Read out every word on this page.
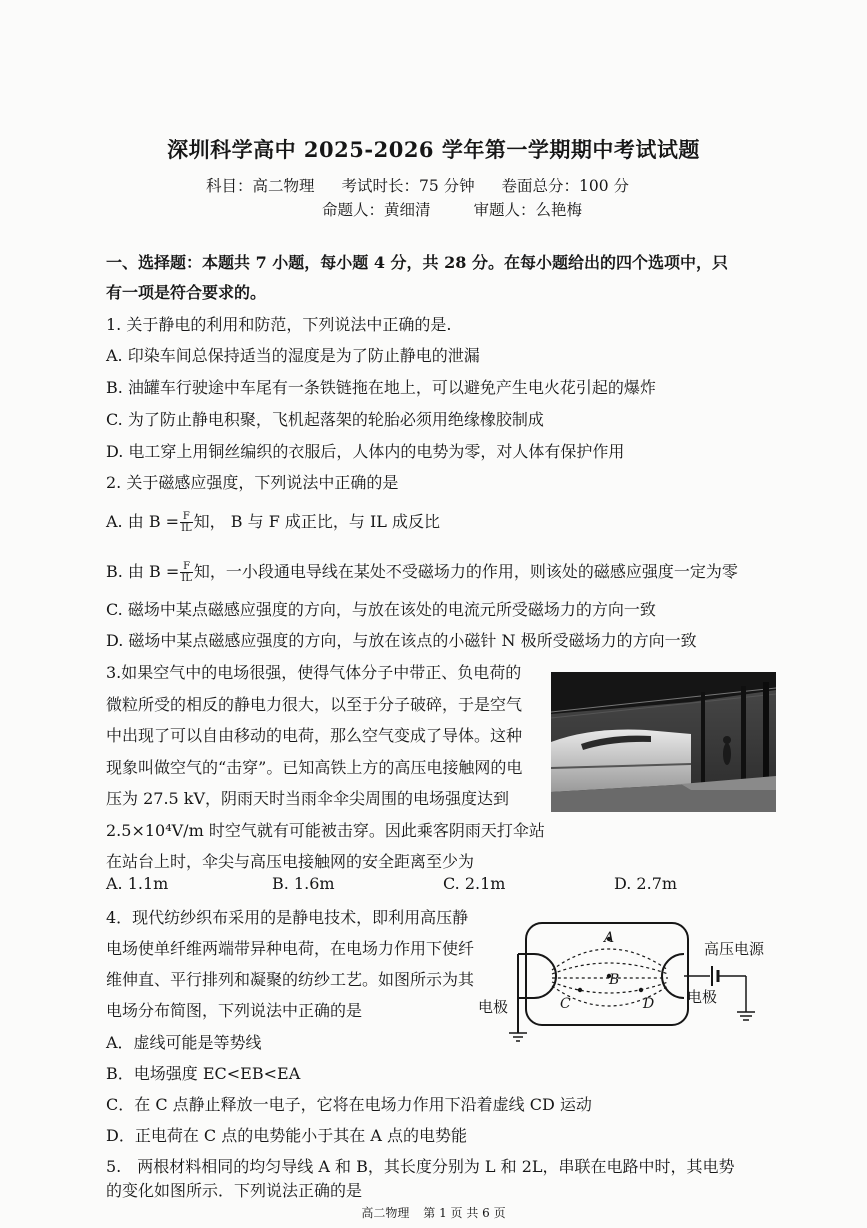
深圳科学高中 2025-2026 学年第一学期期中考试试题
科目：高二物理 考试时长：75 分钟 卷面总分：100 分
命题人：黄细清	审题人：么艳梅
一、选择题：本题共 7 小题，每小题 4 分，共 28 分。在每小题给出的四个选项中，只
有一项是符合要求的。
1. 关于静电的利用和防范，下列说法中正确的是.
A. 印染车间总保持适当的湿度是为了防止静电的泄漏
B. 油罐车行驶途中车尾有一条铁链拖在地上，可以避免产生电火花引起的爆炸
C. 为了防止静电积聚，飞机起落架的轮胎必须用绝缘橡胶制成
D. 电工穿上用铜丝编织的衣服后，人体内的电势为零，对人体有保护作用
2. 关于磁感应强度，下列说法中正确的是
A. 由 $B = \frac{F}{IL}$ 知， B 与 F 成正比，与 IL 成反比
B. 由 $B = \frac{F}{IL}$ 知，一小段通电导线在某处不受磁场力的作用，则该处的磁感应强度一定为零
C. 磁场中某点磁感应强度的方向，与放在该处的电流元所受磁场力的方向一致
D. 磁场中某点磁感应强度的方向，与放在该点的小磁针 N 极所受磁场力的方向一致
3.如果空气中的电场很强，使得气体分子中带正、负电荷的
微粒所受的相反的静电力很大，以至于分子破碎，于是空气
中出现了可以自由移动的电荷，那么空气变成了导体。这种
现象叫做空气的“击穿”。已知高铁上方的高压电接触网的电
压为 27.5 kV，阴雨天时当雨伞伞尖周围的电场强度达到
2.5×10⁴V/m 时空气就有可能被击穿。因此乘客阴雨天打伞站
在站台上时，伞尖与高压电接触网的安全距离至少为
A. 1.1m	B. 1.6m	C. 2.1m	D. 2.7m
4．现代纺纱织布采用的是静电技术，即利用高压静
电场使单纤维两端带异种电荷，在电场力作用下使纤
维伸直、平行排列和凝聚的纺纱工艺。如图所示为其
电场分布简图，下列说法中正确的是
A
B
C	D
电极
电极
高压电源
A．虚线可能是等势线
B．电场强度 EC<EB<EA
C．在 C 点静止释放一电子，它将在电场力作用下沿着虚线 CD 运动
D．正电荷在 C 点的电势能小于其在 A 点的电势能
5.　两根材料相同的均匀导线 A 和 B，其长度分别为 L 和 2L，串联在电路中时，其电势
的变化如图所示．下列说法正确的是
高二物理 第 1 页 共 6 页
